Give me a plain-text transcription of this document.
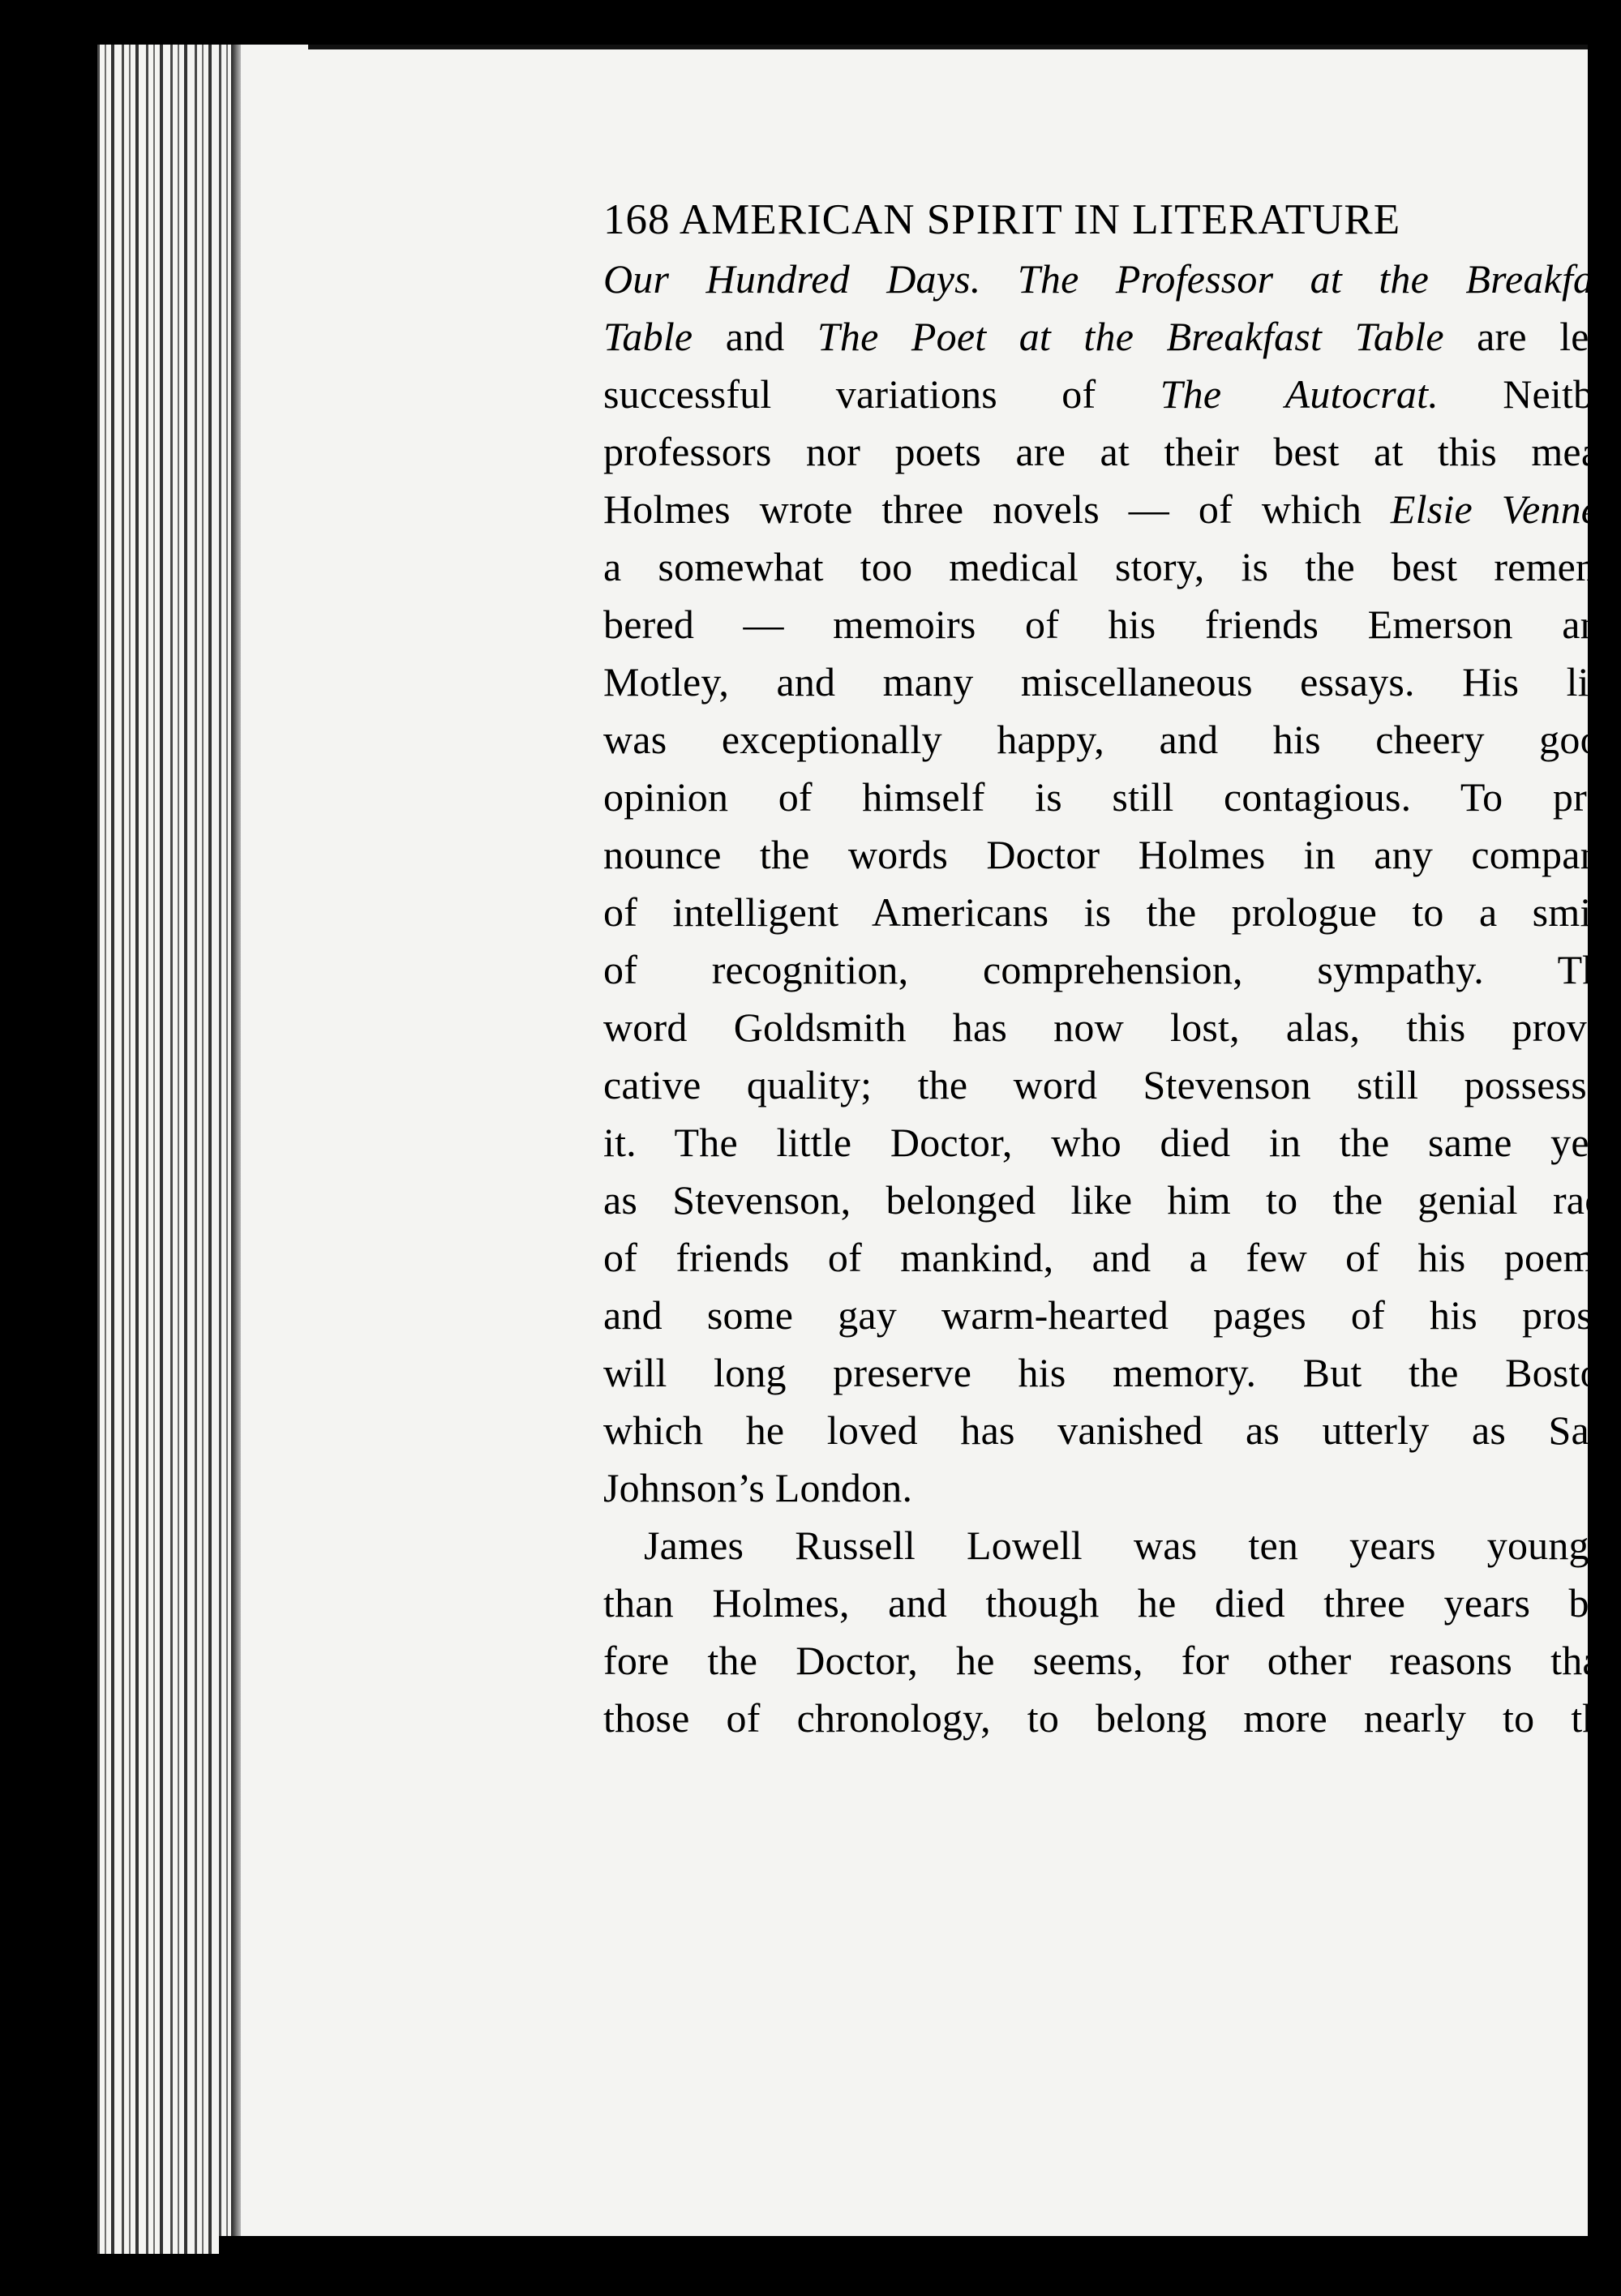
168 AMERICAN SPIRIT IN LITERATURE
Our Hundred Days. The Professor at the Breakfast
Table and The Poet at the Breakfast Table are less
successful variations of The Autocrat. Neitb’r
professors nor poets are at their best at this meal.
Holmes wrote three novels — of which Elsie Venner,
a somewhat too medical story, is the best remem-
bered — memoirs of his friends Emerson and
Motley, and many miscellaneous essays. His life
was exceptionally happy, and his cheery good
opinion of himself is still contagious. To pro-
nounce the words Doctor Holmes in any company
of intelligent Americans is the prologue to a smile
of recognition, comprehension, sympathy. The
word Goldsmith has now lost, alas, this provo-
cative quality; the word Stevenson still possesses
it. The little Doctor, who died in the same year
as Stevenson, belonged like him to the genial race
of friends of mankind, and a few of his poems,
and some gay warm-hearted pages of his prose,
will long preserve his memory. But the Boston
which he loved has vanished as utterly as Sam
Johnson’s London.
James Russell Lowell was ten years younger
than Holmes, and though he died three years be-
fore the Doctor, he seems, for other reasons than
those of chronology, to belong more nearly to the
